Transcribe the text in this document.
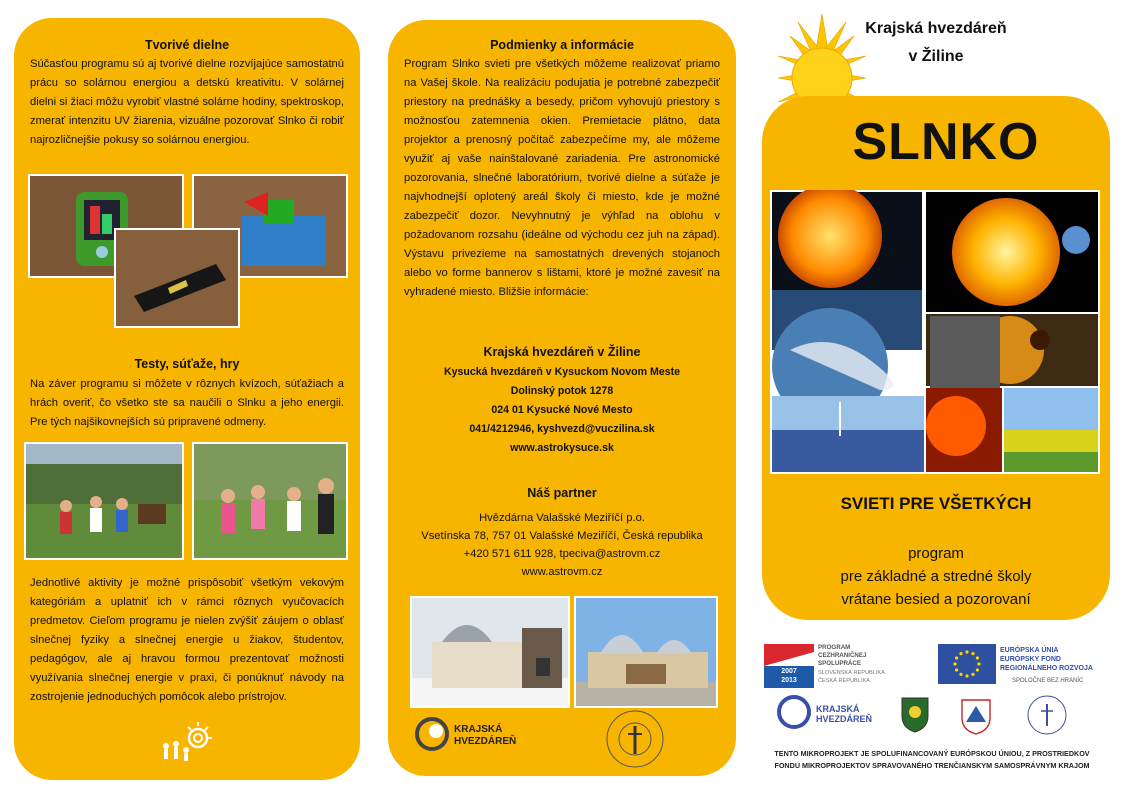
Tvorivé dielne
Súčasťou programu sú aj tvorivé dielne rozvíjajúce samostatnú prácu so solárnou energiou a detskú kreativitu. V solárnej dielni si žiaci môžu vyrobiť vlastné solárne hodiny, spektroskop, zmerať intenzitu UV žiarenia, vizuálne pozorovať Slnko či robiť najrozličnejšie pokusy so solárnou energiou.
Testy, súťaže, hry
Na záver programu si môžete v rôznych kvízoch, súťažiach a hrách overiť, čo všetko ste sa naučili o Slnku a jeho energii. Pre tých najšikovnejších sú pripravené odmeny.
Jednotlivé aktivity je možné prispôsobiť všetkým vekovým kategóriám a uplatniť ich v rámci rôznych vyučovacích predmetov. Cieľom programu je nielen zvýšiť záujem o oblasť slnečnej fyziky a slnečnej energie u žiakov, študentov, pedagógov, ale aj hravou formou prezentovať možnosti využívania slnečnej energie v praxi, či ponúknuť návody na zostrojenie jednoduchých pomôcok alebo prístrojov.
Podmienky a informácie
Program Slnko svieti pre všetkých môžeme realizovať priamo na Vašej škole. Na realizáciu podujatia je potrebné zabezpečiť priestory na prednášky a besedy, pričom vyhovujú priestory s možnosťou zatemnenia okien. Premietacie plátno, data projektor a prenosný počítač zabezpečíme my, ale môžeme využiť aj vaše nainštalované zariadenia. Pre astronomické pozorovania, slnečné laboratórium, tvorivé dielne a súťaže je najvhodnejší oplotený areál školy či miesto, kde je možné zabezpečiť dozor. Nevyhnutný je výhľad na oblohu v požadovanom rozsahu (ideálne od východu cez juh na západ). Výstavu privezieme na samostatných drevených stojanoch alebo vo forme bannerov s lištami, ktoré je možné zavesiť na vyhradené miesto. Bližšie informácie:
Krajská hvezdáreň v Žiline
Kysucká hvezdáreň v Kysuckom Novom Meste
Dolinský potok 1278
024 01 Kysucké Nové Mesto
041/4212946, kyshvezd@vuczilina.sk
www.astrokysuce.sk
Náš partner
Hvězdárna Valašské Meziříčí p.o.
Vsetínska 78, 757 01 Valašské Meziříčí, Česká republika
+420 571 611 928, tpeciva@astrovm.cz
www.astrovm.cz
KRAJSKÁ
HVEZDÁREŇ
Krajská hvezdáreň
v Žiline
SLNKO
SVIETI PRE VŠETKÝCH
program
pre základné a stredné školy
vrátane besied a pozorovaní
2007
2013
PROGRAM
CEZHRANIČNEJ
SPOLUPRÁCE
SLOVENSKÁ REPUBLIKA
ČESKÁ REPUBLIKA
EURÓPSKA ÚNIA
EURÓPSKY FOND
REGIONÁLNEHO ROZVOJA
SPOLOČNE BEZ HRANÍC
KRAJSKÁ
HVEZDÁREŇ
TENTO MIKROPROJEKT JE SPOLUFINANCOVANÝ EURÓPSKOU ÚNIOU, Z PROSTRIEDKOV
FONDU MIKROPROJEKTOV SPRAVOVANÉHO TRENČIANSKYM SAMOSPRÁVNYM KRAJOM
